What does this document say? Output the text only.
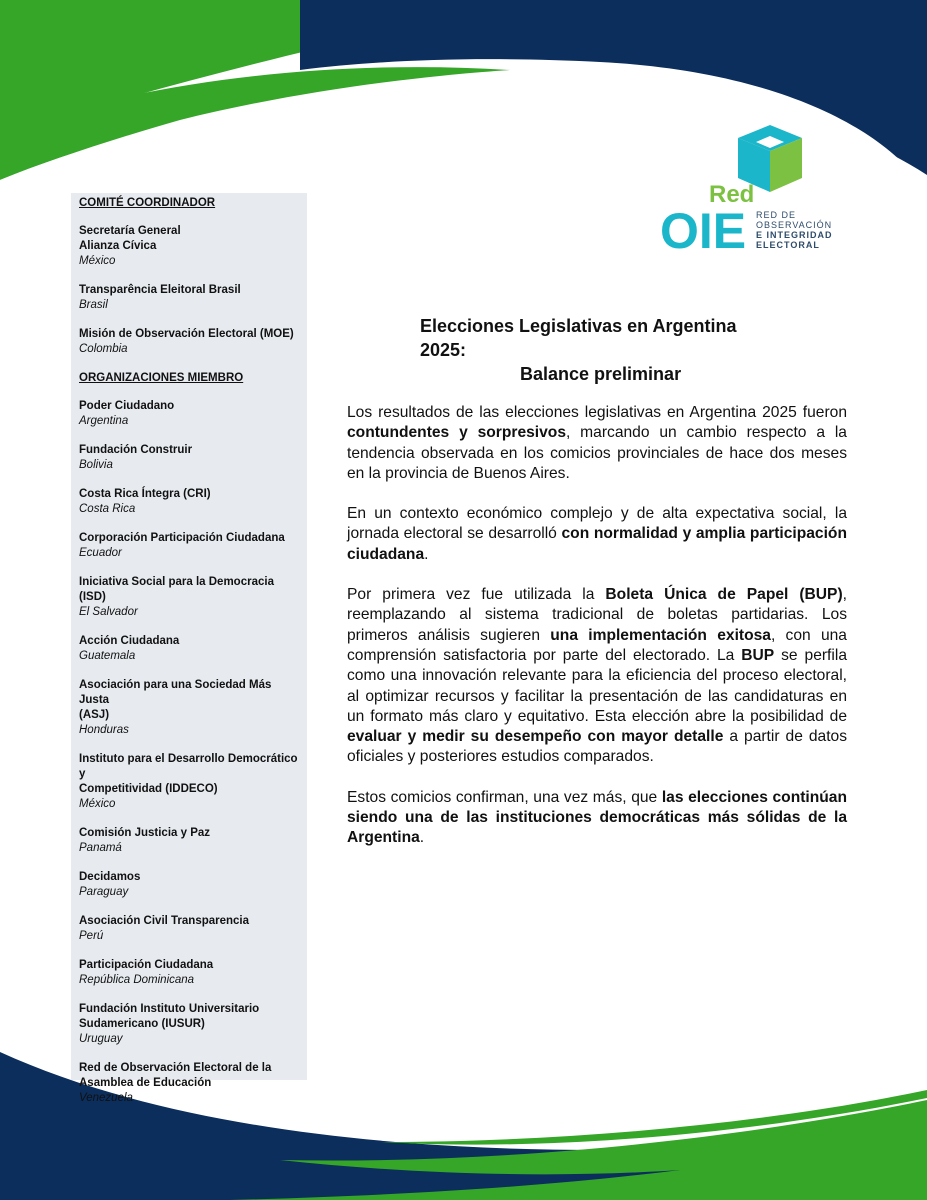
Red
OIE RED DE
OBSERVACIÓN
E INTEGRIDAD
ELECTORAL
COMITÉ COORDINADOR
Secretaría General
Alianza Cívica
México
Transparência Eleitoral Brasil
Brasil
Misión de Observación Electoral (MOE)
Colombia
ORGANIZACIONES MIEMBRO
Poder Ciudadano
Argentina
Fundación Construir
Bolivia
Costa Rica Íntegra (CRI)
Costa Rica
Corporación Participación Ciudadana
Ecuador
Iniciativa Social para la Democracia (ISD)
El Salvador
Acción Ciudadana
Guatemala
Asociación para una Sociedad Más Justa
(ASJ)
Honduras
Instituto para el Desarrollo Democrático y
Competitividad (IDDECO)
México
Comisión Justicia y Paz
Panamá
Decidamos
Paraguay
Asociación Civil Transparencia
Perú
Participación Ciudadana
República Dominicana
Fundación Instituto Universitario
Sudamericano (IUSUR)
Uruguay
Red de Observación Electoral de la
Asamblea de Educación
Venezuela
Elecciones Legislativas en Argentina 2025:
Balance preliminar

Los resultados de las elecciones legislativas en Argentina 2025 fueron contundentes y sorpresivos, marcando un cambio respecto a la tendencia observada en los comicios provinciales de hace dos meses en la provincia de Buenos Aires.

En un contexto económico complejo y de alta expectativa social, la jornada electoral se desarrolló con normalidad y amplia participación ciudadana.

Por primera vez fue utilizada la Boleta Única de Papel (BUP), reemplazando al sistema tradicional de boletas partidarias. Los primeros análisis sugieren una implementación exitosa, con una comprensión satisfactoria por parte del electorado. La BUP se perfila como una innovación relevante para la eficiencia del proceso electoral, al optimizar recursos y facilitar la presentación de las candidaturas en un formato más claro y equitativo. Esta elección abre la posibilidad de evaluar y medir su desempeño con mayor detalle a partir de datos oficiales y posteriores estudios comparados.

Estos comicios confirman, una vez más, que las elecciones continúan siendo una de las instituciones democráticas más sólidas de la Argentina.
